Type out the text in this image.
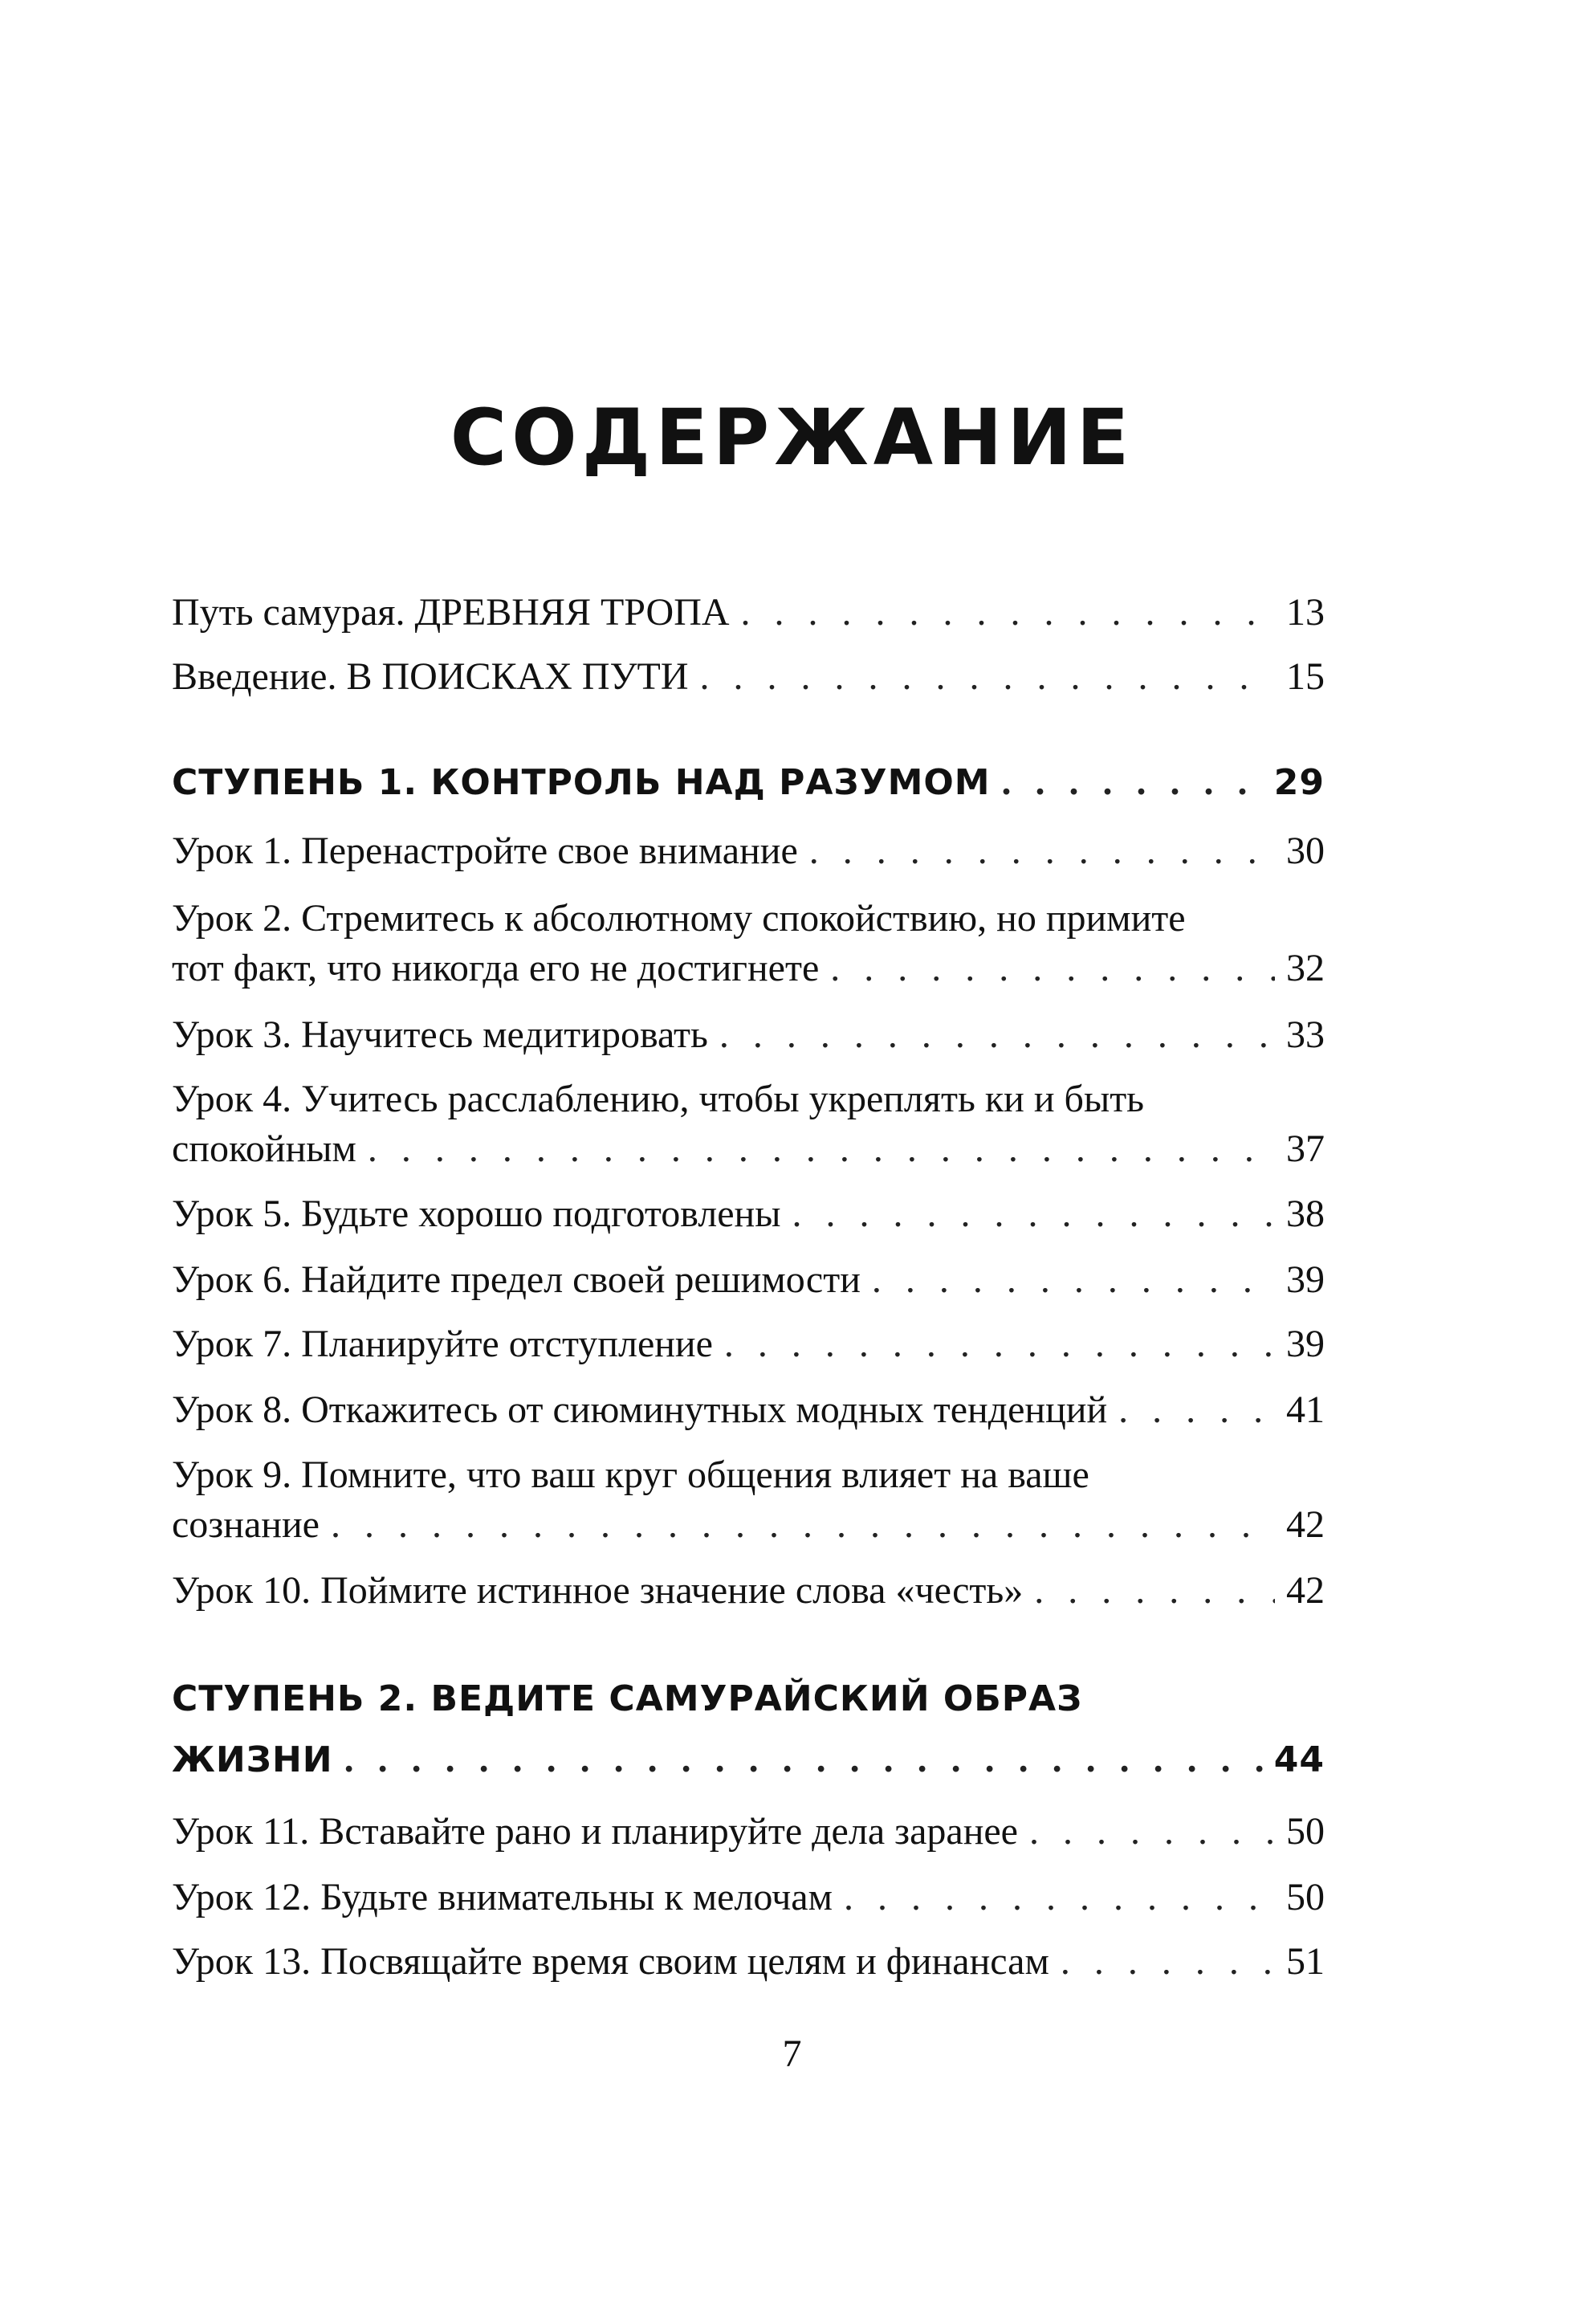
СОДЕРЖАНИЕ
Путь самурая. ДРЕВНЯЯ ТРОПА . . .	13
Введение. В ПОИСКАХ ПУТИ . . .	15
СТУПЕНЬ 1. КОНТРОЛЬ НАД РАЗУМОМ . . .	29
Урок 1. Перенастройте свое внимание . . .	30
Урок 2. Стремитесь к абсолютному спокойствию, но примите
тот факт, что никогда его не достигнете . . .	32
Урок 3. Научитесь медитировать . . .	33
Урок 4. Учитесь расслаблению, чтобы укреплять ки и быть
спокойным . . .	37
Урок 5. Будьте хорошо подготовлены . . .	38
Урок 6. Найдите предел своей решимости . . .	39
Урок 7. Планируйте отступление . . .	39
Урок 8. Откажитесь от сиюминутных модных тенденций . . .	41
Урок 9. Помните, что ваш круг общения влияет на ваше
сознание . . .	42
Урок 10. Поймите истинное значение слова «честь» . . .	42
СТУПЕНЬ 2. ВЕДИТЕ САМУРАЙСКИЙ ОБРАЗ
ЖИЗНИ . . .	44
Урок 11. Вставайте рано и планируйте дела заранее . . .	50
Урок 12. Будьте внимательны к мелочам . . .	50
Урок 13. Посвящайте время своим целям и финансам . . .	51
7
